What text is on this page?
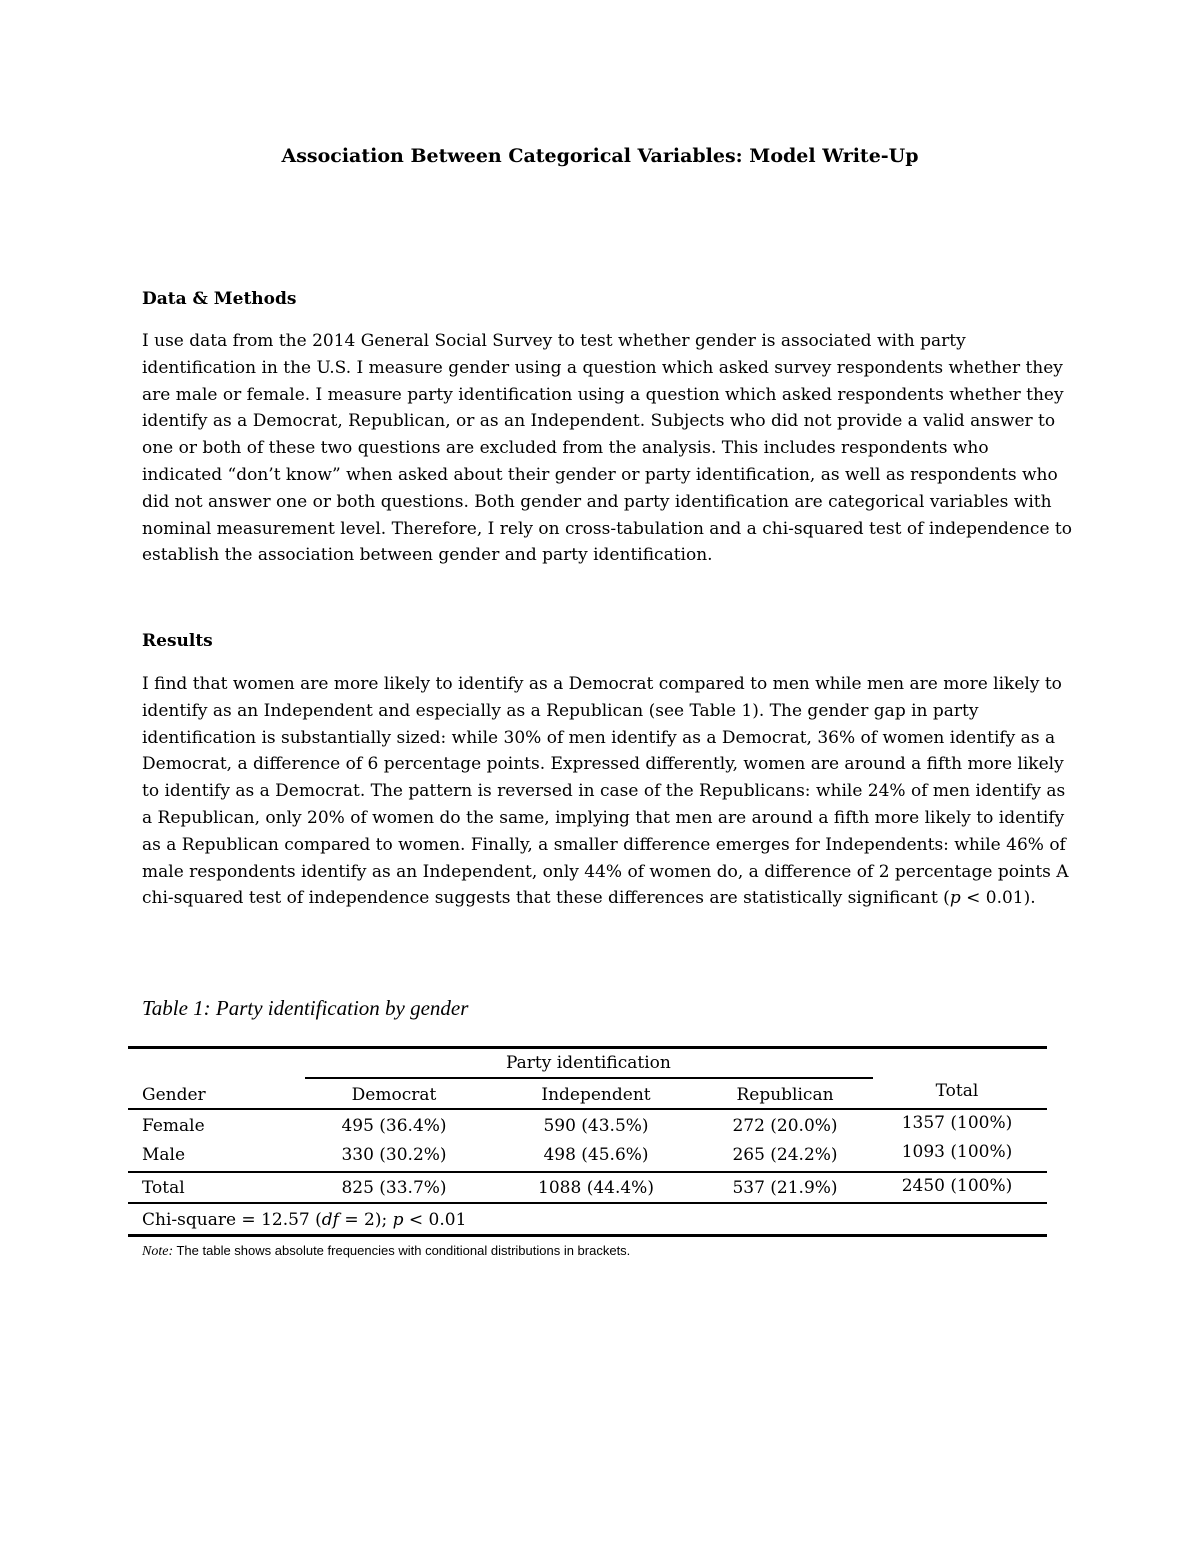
Association Between Categorical Variables: Model Write-Up
Data & Methods

I use data from the 2014 General Social Survey to test whether gender is associated with party identification in the U.S. I measure gender using a question which asked survey respondents whether they are male or female. I measure party identification using a question which asked respondents whether they identify as a Democrat, Republican, or as an Independent. Subjects who did not provide a valid answer to one or both of these two questions are excluded from the analysis. This includes respondents who indicated “don’t know” when asked about their gender or party identification, as well as respondents who did not answer one or both questions. Both gender and party identification are categorical variables with nominal measurement level. Therefore, I rely on cross-tabulation and a chi-squared test of independence to establish the association between gender and party identification.

Results

I find that women are more likely to identify as a Democrat compared to men while men are more likely to identify as an Independent and especially as a Republican (see Table 1). The gender gap in party identification is substantially sized: while 30% of men identify as a Democrat, 36% of women identify as a Democrat, a difference of 6 percentage points. Expressed differently, women are around a fifth more likely to identify as a Democrat. The pattern is reversed in case of the Republicans: while 24% of men identify as a Republican, only 20% of women do the same, implying that men are around a fifth more likely to identify as a Republican compared to women. Finally, a smaller difference emerges for Independents: while 46% of male respondents identify as an Independent, only 44% of women do, a difference of 2 percentage points A chi-squared test of independence suggests that these differences are statistically significant (p < 0.01).

Table 1: Party identification by gender
Party identification
Gender	Democrat	Independent	Republican	Total
Female	495 (36.4%)	590 (43.5%)	272 (20.0%)	1357 (100%)
Male	330 (30.2%)	498 (45.6%)	265 (24.2%)	1093 (100%)
Total	825 (33.7%)	1088 (44.4%)	537 (21.9%)	2450 (100%)
Chi-square = 12.57 (df = 2); p < 0.01
Note: The table shows absolute frequencies with conditional distributions in brackets.
